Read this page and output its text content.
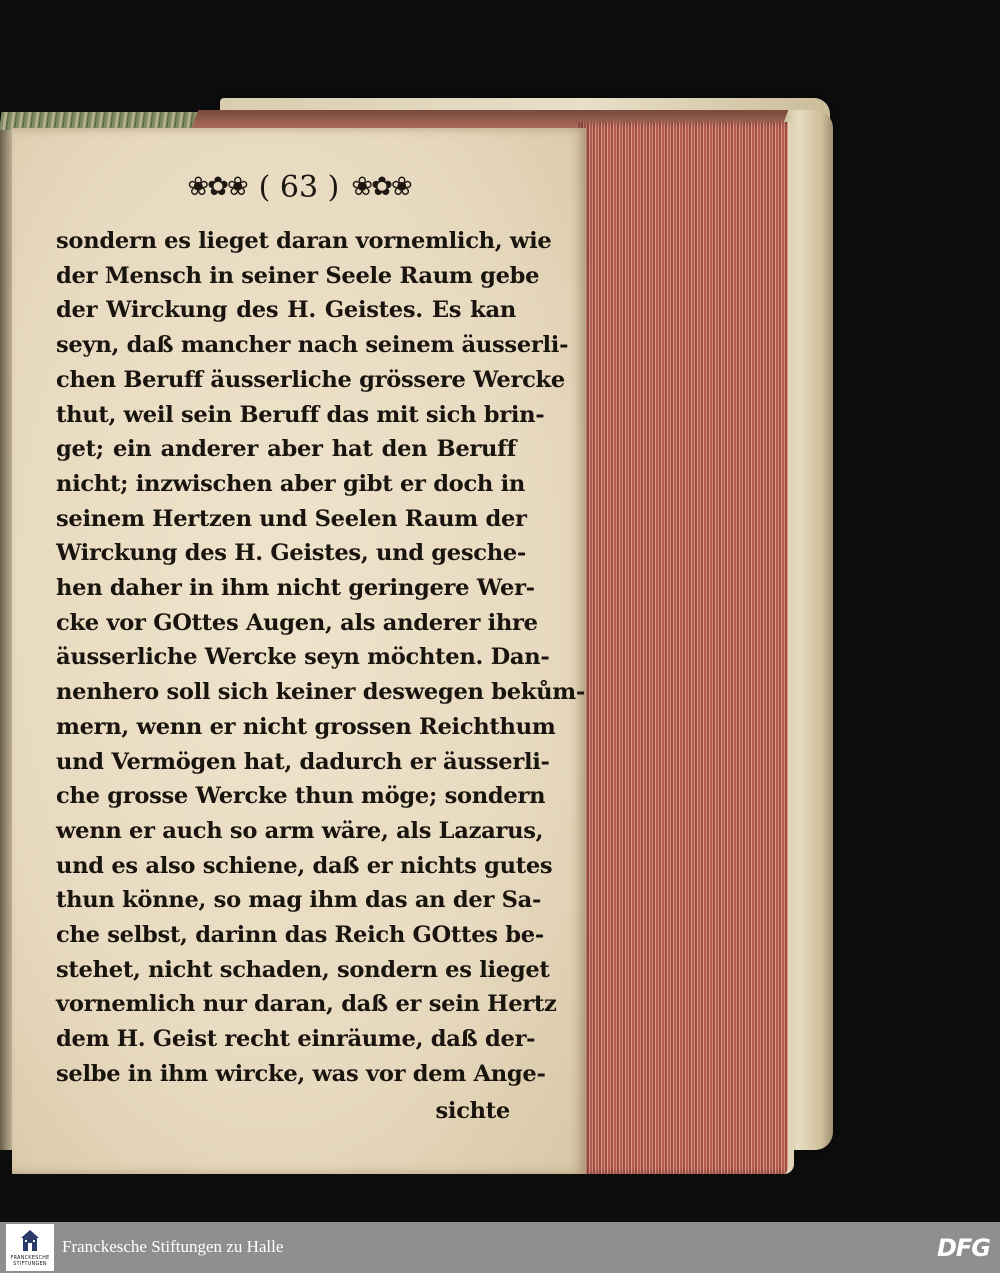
❀✿❀ ( 63 ) ❀✿❀
sondern es lieget daran vornemlich, wie
der Mensch in seiner Seele Raum gebe
der Wirckung des H. Geistes. Es kan
seyn, daß mancher nach seinem äusserli-
chen Beruff äusserliche grössere Wercke
thut, weil sein Beruff das mit sich brin-
get; ein anderer aber hat den Beruff
nicht; inzwischen aber gibt er doch in
seinem Hertzen und Seelen Raum der
Wirckung des H. Geistes, und gesche-
hen daher in ihm nicht geringere Wer-
cke vor GOttes Augen, als anderer ihre
äusserliche Wercke seyn möchten. Dan-
nenhero soll sich keiner deswegen bekům-
mern, wenn er nicht grossen Reichthum
und Vermögen hat, dadurch er äusserli-
che grosse Wercke thun möge; sondern
wenn er auch so arm wäre, als Lazarus,
und es also schiene, daß er nichts gutes
thun könne, so mag ihm das an der Sa-
che selbst, darinn das Reich GOttes be-
stehet, nicht schaden, sondern es lieget
vornemlich nur daran, daß er sein Hertz
dem H. Geist recht einräume, daß der-
selbe in ihm wircke, was vor dem Ange-
sichte
FRANCKESCHE STIFTUNGEN
Franckesche Stiftungen zu Halle	DFG
